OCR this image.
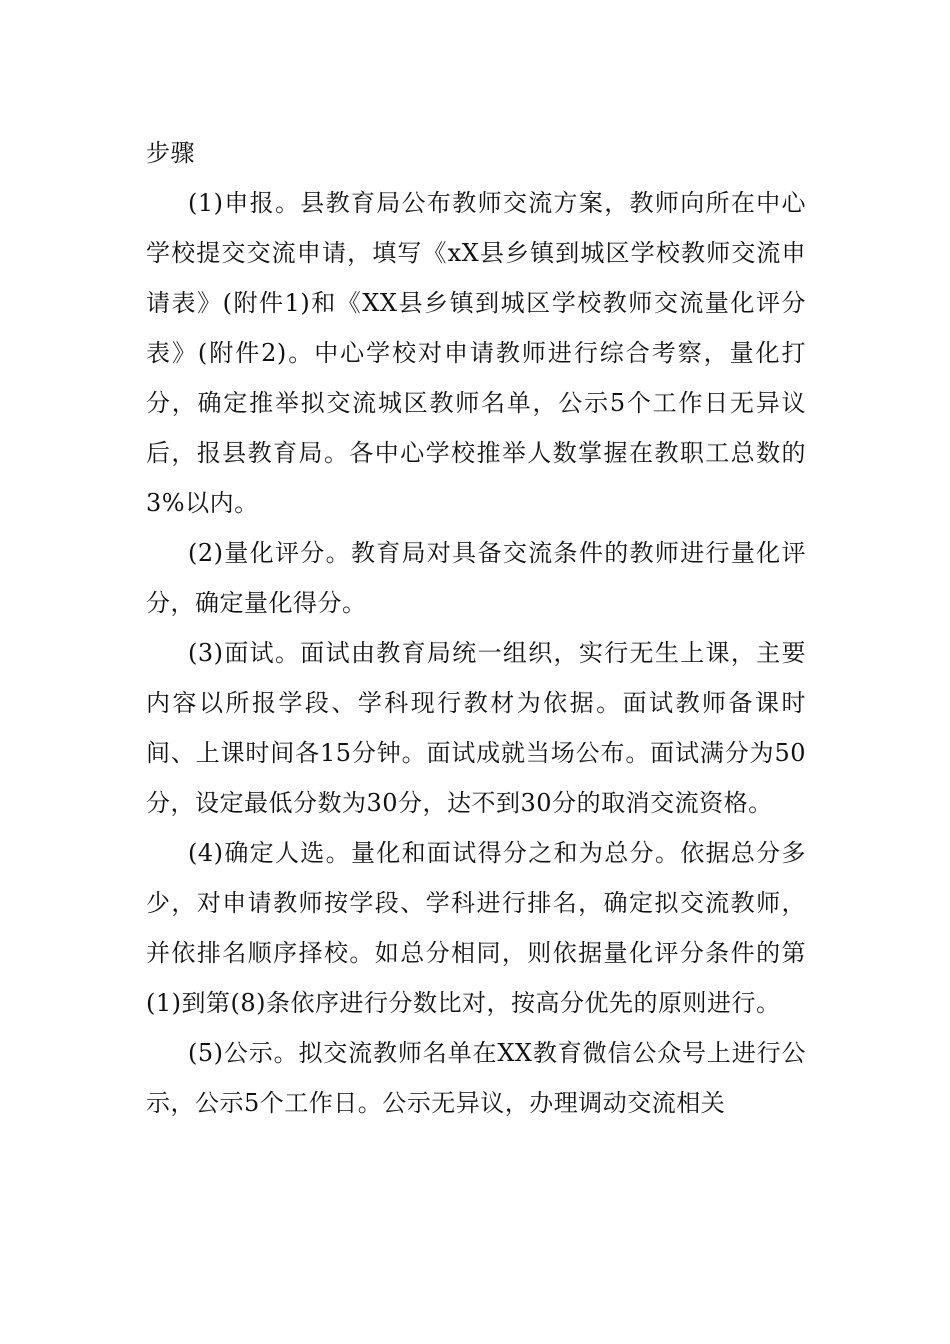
步骤

(1)申报。县教育局公布教师交流方案，教师向所在中心学校提交交流申请，填写《xX县乡镇到城区学校教师交流申请表》(附件1)和《XX县乡镇到城区学校教师交流量化评分表》(附件2)。中心学校对申请教师进行综合考察，量化打分，确定推举拟交流城区教师名单，公示5个工作日无异议后，报县教育局。各中心学校推举人数掌握在教职工总数的3%以内。

(2)量化评分。教育局对具备交流条件的教师进行量化评分，确定量化得分。

(3)面试。面试由教育局统一组织，实行无生上课，主要内容以所报学段、学科现行教材为依据。面试教师备课时间、上课时间各15分钟。面试成就当场公布。面试满分为50分，设定最低分数为30分，达不到30分的取消交流资格。

(4)确定人选。量化和面试得分之和为总分。依据总分多少，对申请教师按学段、学科进行排名，确定拟交流教师，并依排名顺序择校。如总分相同，则依据量化评分条件的第(1)到第(8)条依序进行分数比对，按高分优先的原则进行。

(5)公示。拟交流教师名单在XX教育微信公众号上进行公示，公示5个工作日。公示无异议，办理调动交流相关
